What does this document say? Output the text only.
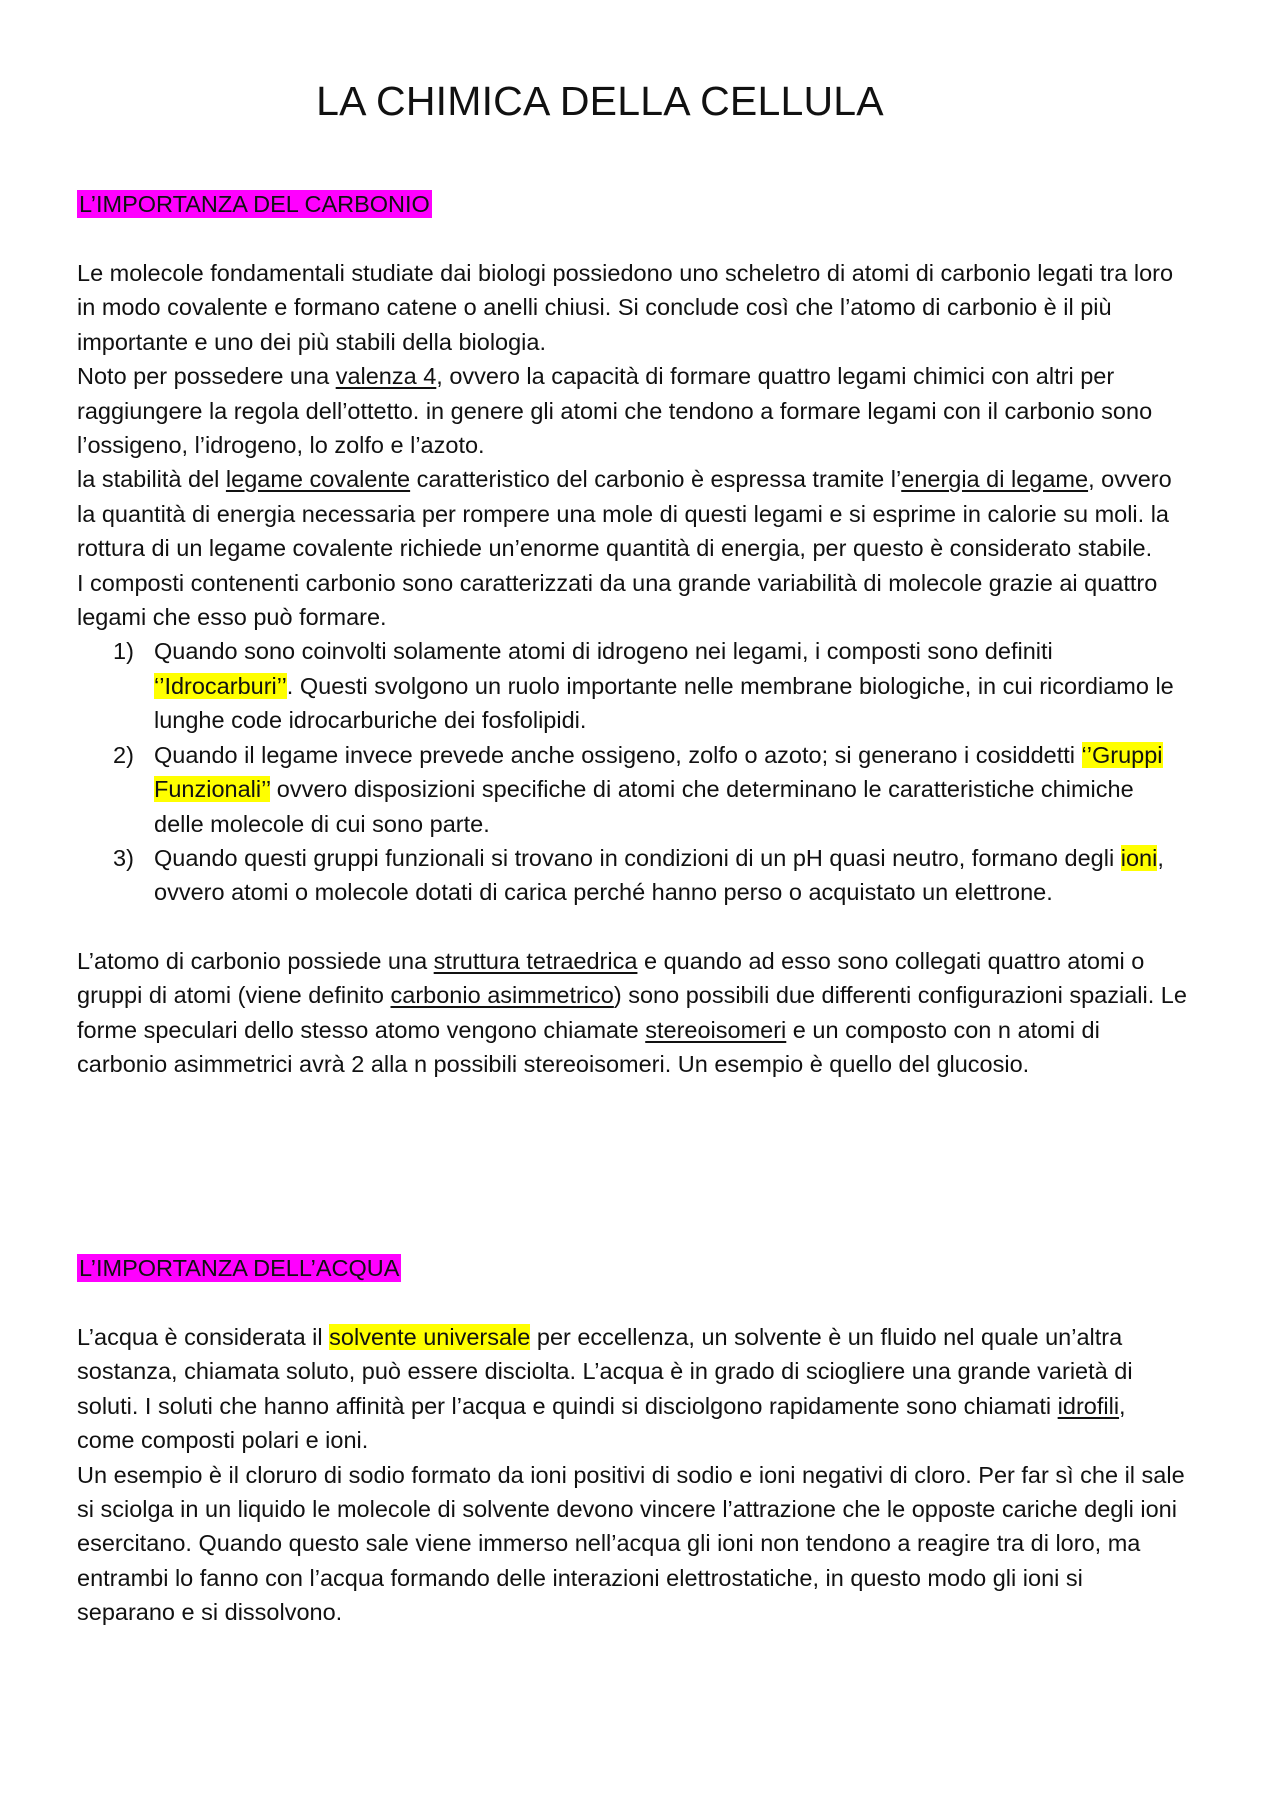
LA CHIMICA DELLA CELLULA
L’IMPORTANZA DEL CARBONIO

Le molecole fondamentali studiate dai biologi possiedono uno scheletro di atomi di carbonio legati tra loro in modo covalente e formano catene o anelli chiusi. Si conclude così che l’atomo di carbonio è il più importante e uno dei più stabili della biologia.

Noto per possedere una valenza 4, ovvero la capacità di formare quattro legami chimici con altri per raggiungere la regola dell’ottetto. in genere gli atomi che tendono a formare legami con il carbonio sono l’ossigeno, l’idrogeno, lo zolfo e l’azoto.

la stabilità del legame covalente caratteristico del carbonio è espressa tramite l’energia di legame, ovvero la quantità di energia necessaria per rompere una mole di questi legami e si esprime in calorie su moli. la rottura di un legame covalente richiede un’enorme quantità di energia, per questo è considerato stabile.

I composti contenenti carbonio sono caratterizzati da una grande variabilità di molecole grazie ai quattro legami che esso può formare.

1) Quando sono coinvolti solamente atomi di idrogeno nei legami, i composti sono definiti ‘’Idrocarburi’’. Questi svolgono un ruolo importante nelle membrane biologiche, in cui ricordiamo le lunghe code idrocarburiche dei fosfolipidi.
2) Quando il legame invece prevede anche ossigeno, zolfo o azoto; si generano i cosiddetti ‘’Gruppi Funzionali’’ ovvero disposizioni specifiche di atomi che determinano le caratteristiche chimiche delle molecole di cui sono parte.
3) Quando questi gruppi funzionali si trovano in condizioni di un pH quasi neutro, formano degli ioni, ovvero atomi o molecole dotati di carica perché hanno perso o acquistato un elettrone.

L’atomo di carbonio possiede una struttura tetraedrica e quando ad esso sono collegati quattro atomi o gruppi di atomi (viene definito carbonio asimmetrico) sono possibili due differenti configurazioni spaziali. Le forme speculari dello stesso atomo vengono chiamate stereoisomeri e un composto con n atomi di carbonio asimmetrici avrà 2 alla n possibili stereoisomeri. Un esempio è quello del glucosio.

L’IMPORTANZA DELL’ACQUA

L’acqua è considerata il solvente universale per eccellenza, un solvente è un fluido nel quale un’altra sostanza, chiamata soluto, può essere disciolta. L’acqua è in grado di sciogliere una grande varietà di soluti. I soluti che hanno affinità per l’acqua e quindi si disciolgono rapidamente sono chiamati idrofili, come composti polari e ioni.

Un esempio è il cloruro di sodio formato da ioni positivi di sodio e ioni negativi di cloro. Per far sì che il sale si sciolga in un liquido le molecole di solvente devono vincere l’attrazione che le opposte cariche degli ioni esercitano. Quando questo sale viene immerso nell’acqua gli ioni non tendono a reagire tra di loro, ma entrambi lo fanno con l’acqua formando delle interazioni elettrostatiche, in questo modo gli ioni si separano e si dissolvono.
